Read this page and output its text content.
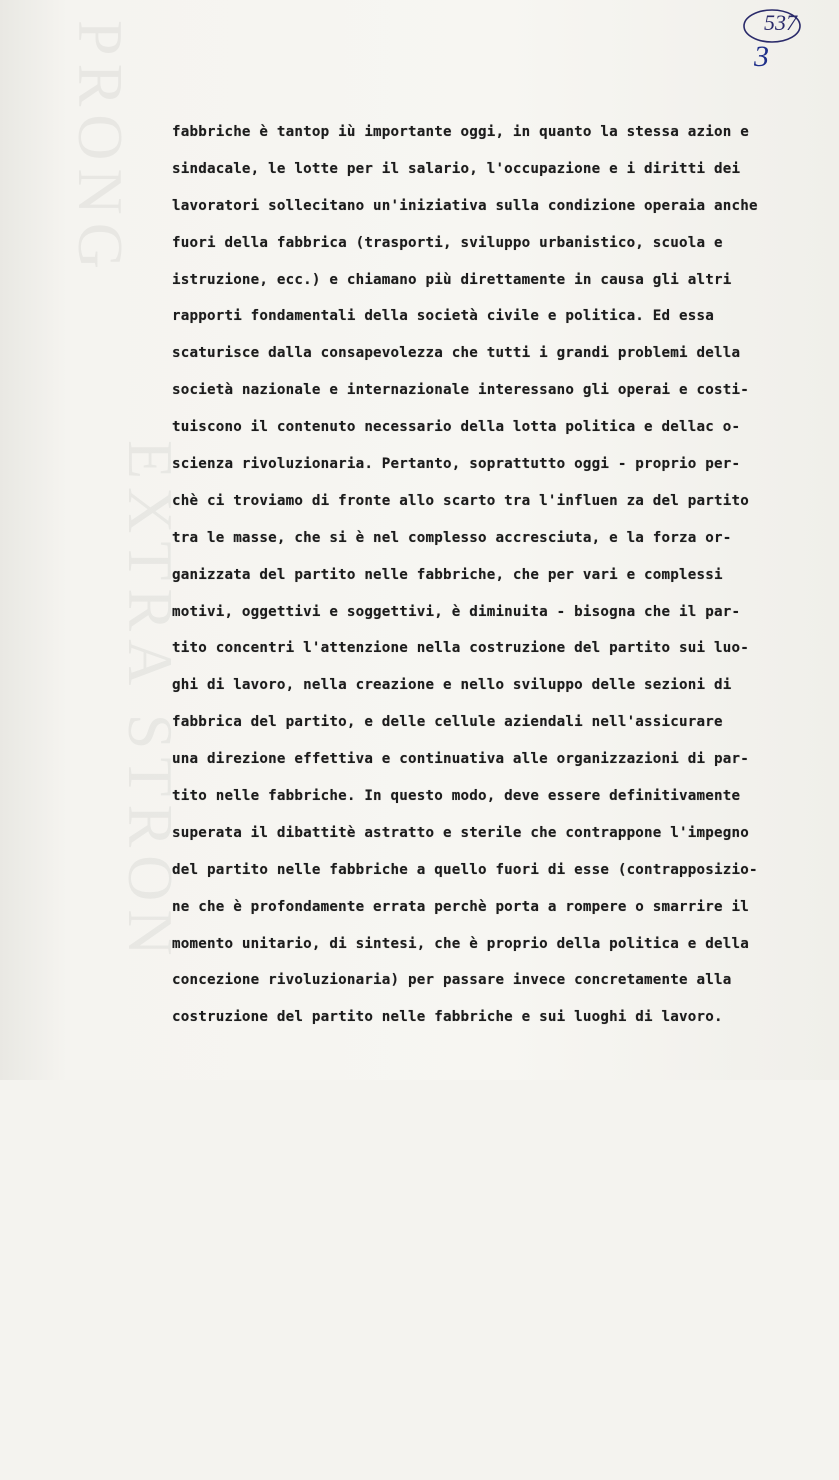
PRONG
EXTRA STRON
537
3
fabbriche è tantop iù importante oggi, in quanto la stessa azion e
sindacale, le lotte per il salario, l'occupazione e i diritti dei
lavoratori sollecitano un'iniziativa sulla condizione operaia anche
fuori della fabbrica (trasporti, sviluppo urbanistico, scuola e
istruzione, ecc.) e chiamano più direttamente in causa gli altri
rapporti fondamentali della società civile e politica. Ed essa
scaturisce dalla consapevolezza che tutti i grandi problemi della
società nazionale e internazionale interessano gli operai e costi-
tuiscono il contenuto necessario della lotta politica e dellac o-
scienza rivoluzionaria. Pertanto, soprattutto oggi - proprio per-
chè ci troviamo di fronte allo scarto tra l'influen za del partito
tra le masse, che si è nel complesso accresciuta, e la forza or-
ganizzata del partito nelle fabbriche, che per vari e complessi
motivi, oggettivi e soggettivi, è diminuita - bisogna che il par-
tito concentri l'attenzione nella costruzione del partito sui luo-
ghi di lavoro, nella creazione e nello sviluppo delle sezioni di
fabbrica del partito, e delle cellule aziendali nell'assicurare
una direzione effettiva e continuativa alle organizzazioni di par-
tito nelle fabbriche. In questo modo, deve essere definitivamente
superata il dibattitè astratto e sterile che contrappone l'impegno
del partito nelle fabbriche a quello fuori di esse (contrapposizio-
ne che è profondamente errata perchè porta a rompere o smarrire il
momento unitario, di sintesi, che è proprio della politica e della
concezione rivoluzionaria) per passare invece concretamente alla
costruzione del partito nelle fabbriche e sui luoghi di lavoro.
